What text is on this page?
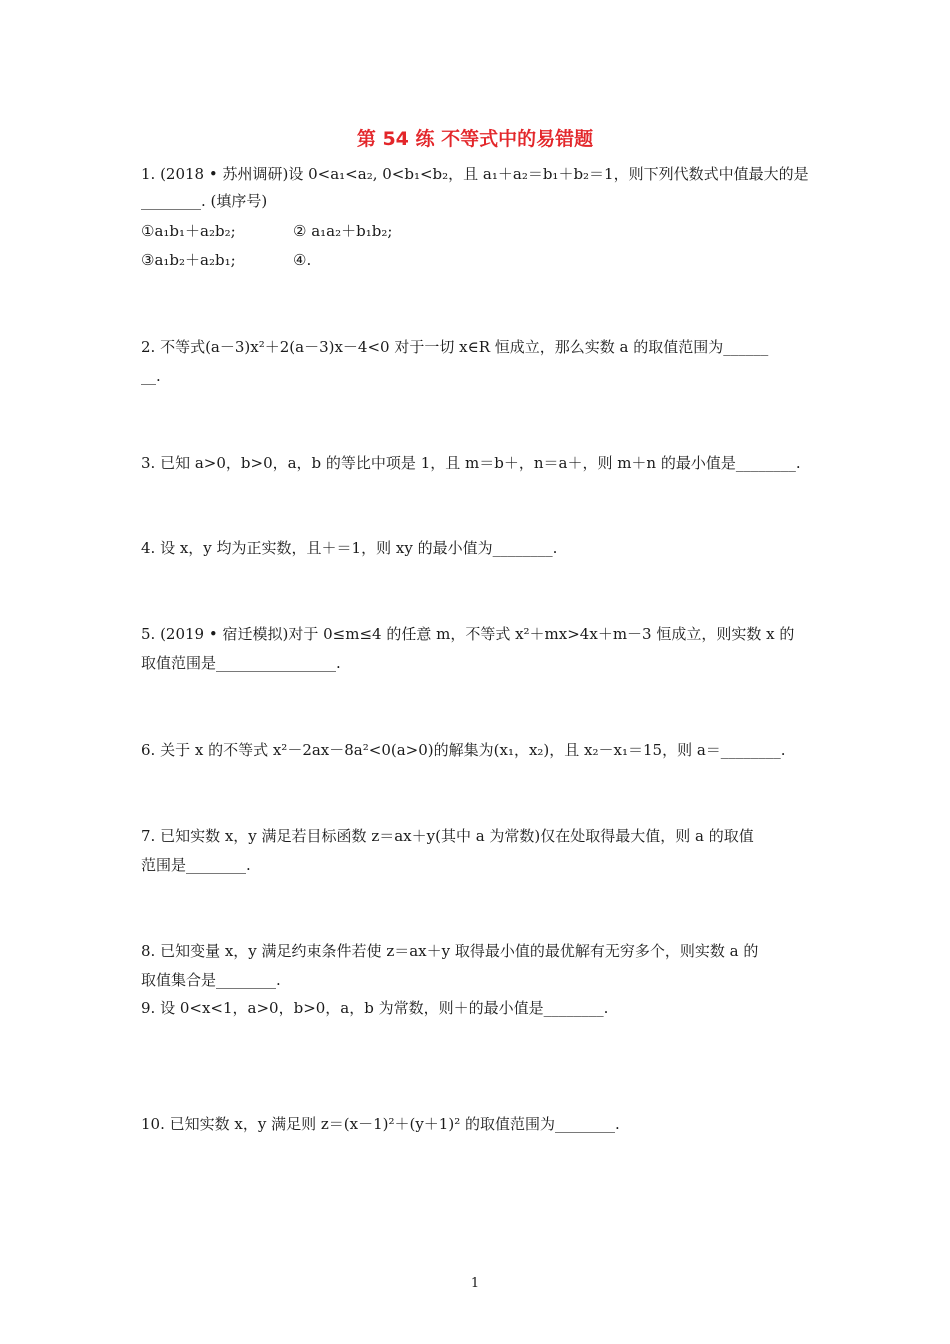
第 54 练 不等式中的易错题
1. (2018 • 苏州调研)设 0<a₁<a₂, 0<b₁<b₂，且 a₁＋a₂＝b₁＋b₂＝1，则下列代数式中值最大的是
________. (填序号)
①a₁b₁＋a₂b₂;	② a₁a₂＋b₁b₂;
③a₁b₂＋a₂b₁;	④.
2. 不等式(a－3)x²＋2(a－3)x－4<0 对于一切 x∈R 恒成立，那么实数 a 的取值范围为______
__.
3. 已知 a>0，b>0，a，b 的等比中项是 1，且 m＝b＋，n＝a＋，则 m＋n 的最小值是________.
4. 设 x，y 均为正实数，且＋＝1，则 xy 的最小值为________.
5. (2019 • 宿迁模拟)对于 0≤m≤4 的任意 m，不等式 x²＋mx>4x＋m－3 恒成立，则实数 x 的
取值范围是________________.
6. 关于 x 的不等式 x²－2ax－8a²<0(a>0)的解集为(x₁，x₂)，且 x₂－x₁＝15，则 a＝________.
7. 已知实数 x，y 满足若目标函数 z＝ax＋y(其中 a 为常数)仅在处取得最大值，则 a 的取值
范围是________.
8. 已知变量 x，y 满足约束条件若使 z＝ax＋y 取得最小值的最优解有无穷多个，则实数 a 的
取值集合是________.
9. 设 0<x<1，a>0，b>0，a，b 为常数，则＋的最小值是________.
10. 已知实数 x，y 满足则 z＝(x－1)²＋(y＋1)² 的取值范围为________.
1
